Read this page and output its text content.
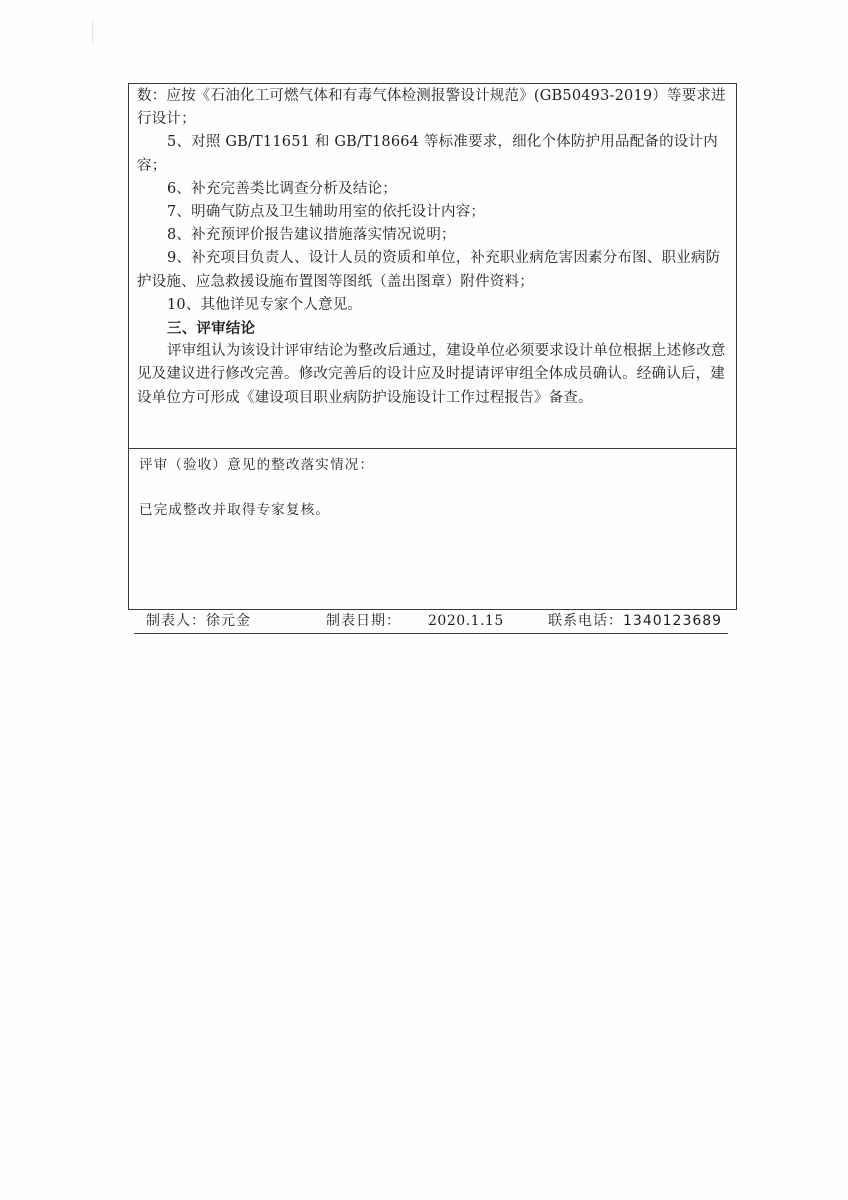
数：应按《石油化工可燃气体和有毒气体检测报警设计规范》(GB50493-2019）等要求进行设计；

5、对照 GB/T11651 和 GB/T18664 等标准要求，细化个体防护用品配备的设计内容；

6、补充完善类比调查分析及结论；

7、明确气防点及卫生辅助用室的依托设计内容；

8、补充预评价报告建议措施落实情况说明；

9、补充项目负责人、设计人员的资质和单位，补充职业病危害因素分布图、职业病防护设施、应急救援设施布置图等图纸（盖出图章）附件资料；

10、其他详见专家个人意见。

三、评审结论

评审组认为该设计评审结论为整改后通过，建设单位必须要求设计单位根据上述修改意见及建议进行修改完善。修改完善后的设计应及时提请评审组全体成员确认。经确认后，建设单位方可形成《建设项目职业病防护设施设计工作过程报告》备查。

评审（验收）意见的整改落实情况：
已完成整改并取得专家复核。
制表人：徐元金	制表日期： 2020.1.15	联系电话：1340123689
